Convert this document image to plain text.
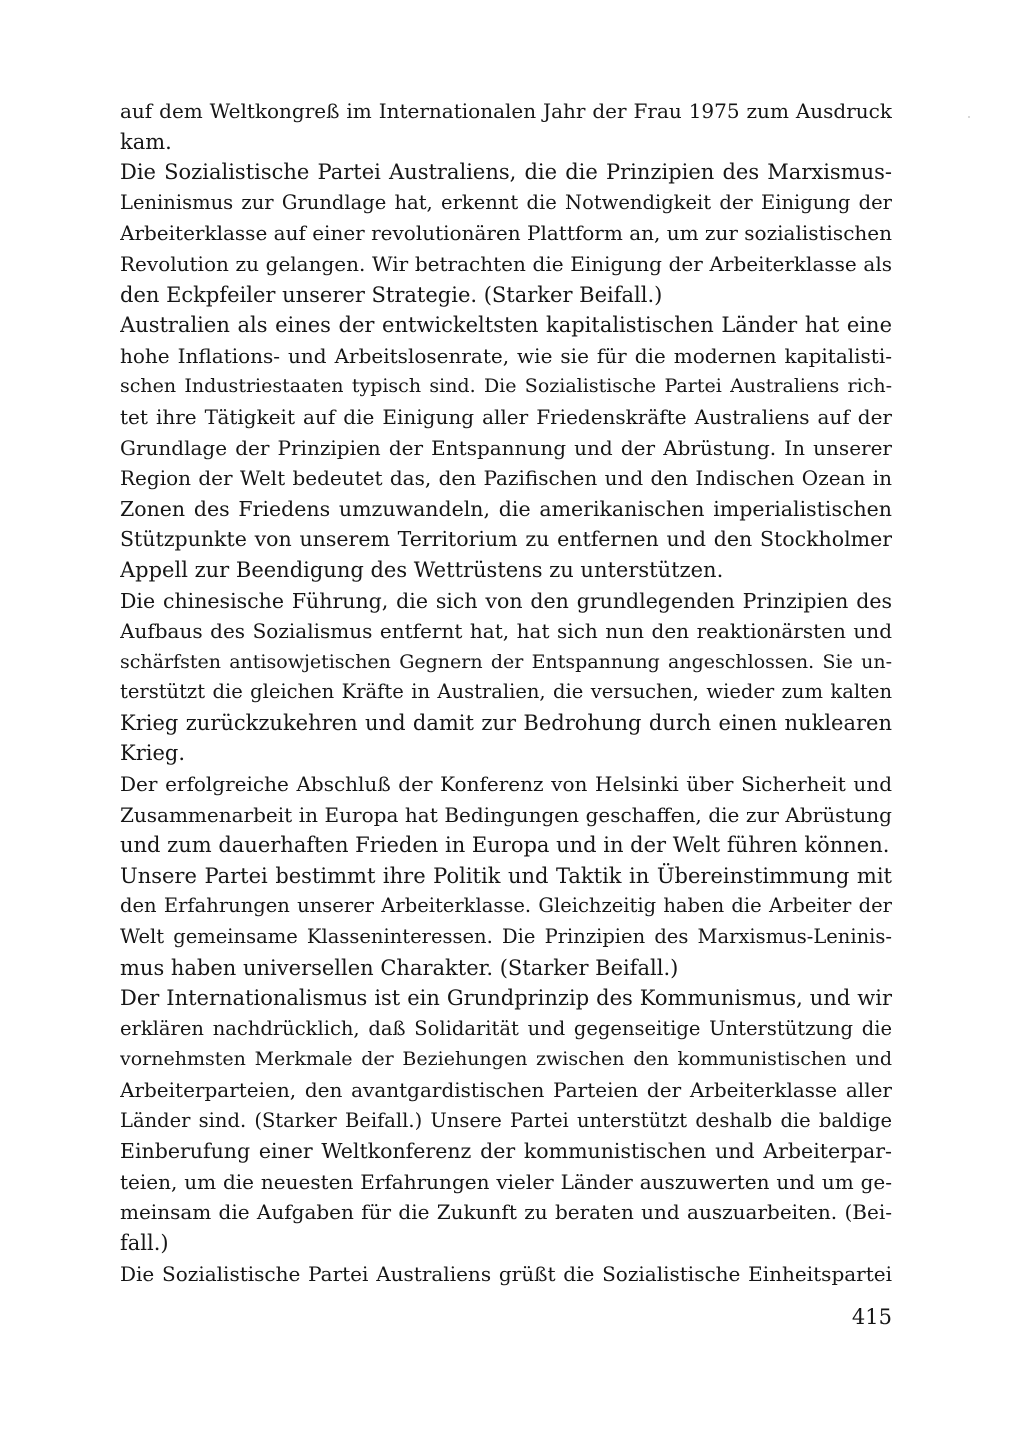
auf dem Weltkongreß im Internationalen Jahr der Frau 1975 zum Ausdruck
kam.
Die Sozialistische Partei Australiens, die die Prinzipien des Marxismus-
Leninismus zur Grundlage hat, erkennt die Notwendigkeit der Einigung der
Arbeiterklasse auf einer revolutionären Plattform an, um zur sozialistischen
Revolution zu gelangen. Wir betrachten die Einigung der Arbeiterklasse als
den Eckpfeiler unserer Strategie. (Starker Beifall.)
Australien als eines der entwickeltsten kapitalistischen Länder hat eine
hohe Inflations- und Arbeitslosenrate, wie sie für die modernen kapitalisti-
schen Industriestaaten typisch sind. Die Sozialistische Partei Australiens rich-
tet ihre Tätigkeit auf die Einigung aller Friedenskräfte Australiens auf der
Grundlage der Prinzipien der Entspannung und der Abrüstung. In unserer
Region der Welt bedeutet das, den Pazifischen und den Indischen Ozean in
Zonen des Friedens umzuwandeln, die amerikanischen imperialistischen
Stützpunkte von unserem Territorium zu entfernen und den Stockholmer
Appell zur Beendigung des Wettrüstens zu unterstützen.
Die chinesische Führung, die sich von den grundlegenden Prinzipien des
Aufbaus des Sozialismus entfernt hat, hat sich nun den reaktionärsten und
schärfsten antisowjetischen Gegnern der Entspannung angeschlossen. Sie un-
terstützt die gleichen Kräfte in Australien, die versuchen, wieder zum kalten
Krieg zurückzukehren und damit zur Bedrohung durch einen nuklearen
Krieg.
Der erfolgreiche Abschluß der Konferenz von Helsinki über Sicherheit und
Zusammenarbeit in Europa hat Bedingungen geschaffen, die zur Abrüstung
und zum dauerhaften Frieden in Europa und in der Welt führen können.
Unsere Partei bestimmt ihre Politik und Taktik in Übereinstimmung mit
den Erfahrungen unserer Arbeiterklasse. Gleichzeitig haben die Arbeiter der
Welt gemeinsame Klasseninteressen. Die Prinzipien des Marxismus-Leninis-
mus haben universellen Charakter. (Starker Beifall.)
Der Internationalismus ist ein Grundprinzip des Kommunismus, und wir
erklären nachdrücklich, daß Solidarität und gegenseitige Unterstützung die
vornehmsten Merkmale der Beziehungen zwischen den kommunistischen und
Arbeiterparteien, den avantgardistischen Parteien der Arbeiterklasse aller
Länder sind. (Starker Beifall.) Unsere Partei unterstützt deshalb die baldige
Einberufung einer Weltkonferenz der kommunistischen und Arbeiterpar-
teien, um die neuesten Erfahrungen vieler Länder auszuwerten und um ge-
meinsam die Aufgaben für die Zukunft zu beraten und auszuarbeiten. (Bei-
fall.)
Die Sozialistische Partei Australiens grüßt die Sozialistische Einheitspartei
415
